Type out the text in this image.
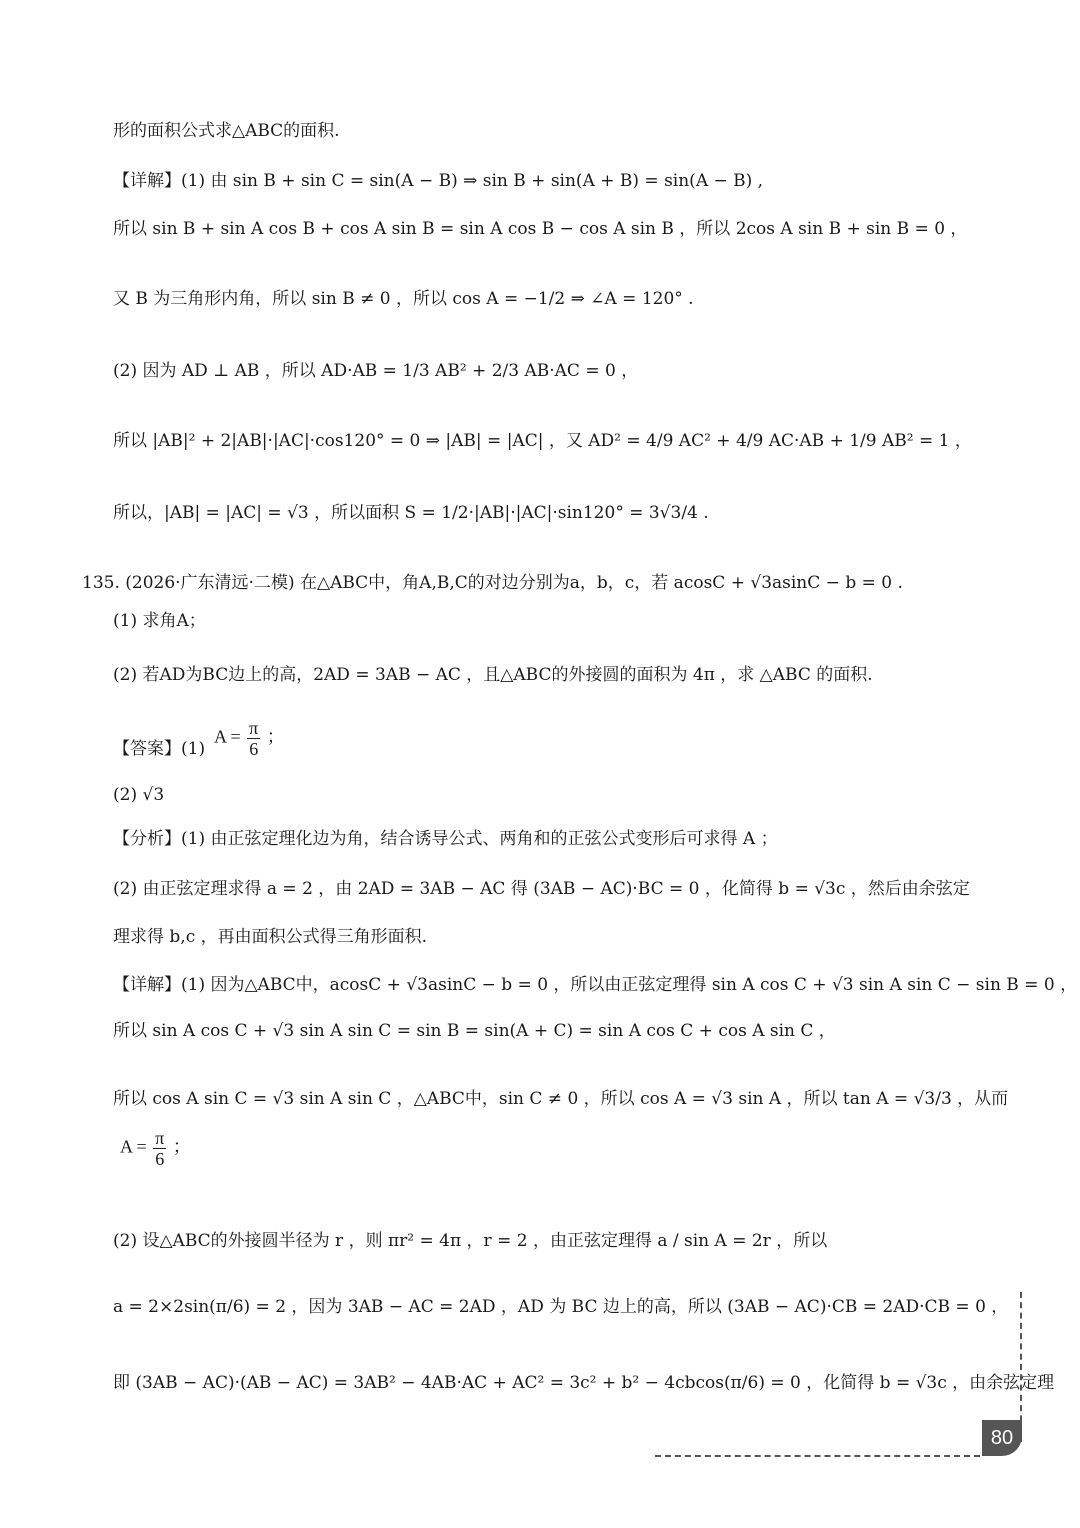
形的面积公式求△ABC的面积.
【详解】(1) 由 sin B + sin C = sin(A − B) ⇒ sin B + sin(A + B) = sin(A − B) ,
所以 sin B + sin A cos B + cos A sin B = sin A cos B − cos A sin B ，所以 2cos A sin B + sin B = 0 ，
又 B 为三角形内角，所以 sin B ≠ 0 ，所以 cos A = −1/2 ⇒ ∠A = 120° .
(2) 因为 AD ⊥ AB ，所以 AD·AB = 1/3 AB² + 2/3 AB·AC = 0 ，
所以 |AB|² + 2|AB|·|AC|·cos120° = 0 ⇒ |AB| = |AC| ，又 AD² = 4/9 AC² + 4/9 AC·AB + 1/9 AB² = 1 ，
所以，|AB| = |AC| = √3 ，所以面积 S = 1/2·|AB|·|AC|·sin120° = 3√3/4 .
135. (2026·广东清远·二模) 在△ABC中，角A,B,C的对边分别为a，b，c，若 acosC + √3asinC − b = 0 .
(1) 求角A；
(2) 若AD为BC边上的高，2AD = 3AB − AC ，且△ABC的外接圆的面积为 4π ，求 △ABC 的面积.
【答案】(1)
$A = \frac{\pi}{6}$ ；
(2) √3
【分析】(1) 由正弦定理化边为角，结合诱导公式、两角和的正弦公式变形后可求得 A ；
(2) 由正弦定理求得 a = 2 ，由 2AD = 3AB − AC 得 (3AB − AC)·BC = 0 ，化简得 b = √3c ，然后由余弦定
理求得 b,c ，再由面积公式得三角形面积.
【详解】(1) 因为△ABC中，acosC + √3asinC − b = 0 ，所以由正弦定理得 sin A cos C + √3 sin A sin C − sin B = 0 ，
所以 sin A cos C + √3 sin A sin C = sin B = sin(A + C) = sin A cos C + cos A sin C ，
所以 cos A sin C = √3 sin A sin C ，△ABC中，sin C ≠ 0 ，所以 cos A = √3 sin A ，所以 tan A = √3/3 ，从而
$A = \frac{\pi}{6}$ ；
(2) 设△ABC的外接圆半径为 r ，则 πr² = 4π ，r = 2 ，由正弦定理得 a / sin A = 2r ，所以
a = 2×2sin(π/6) = 2 ，因为 3AB − AC = 2AD ，AD 为 BC 边上的高，所以 (3AB − AC)·CB = 2AD·CB = 0 ，
即 (3AB − AC)·(AB − AC) = 3AB² − 4AB·AC + AC² = 3c² + b² − 4cbcos(π/6) = 0 ，化简得 b = √3c ，由余弦定理
80
